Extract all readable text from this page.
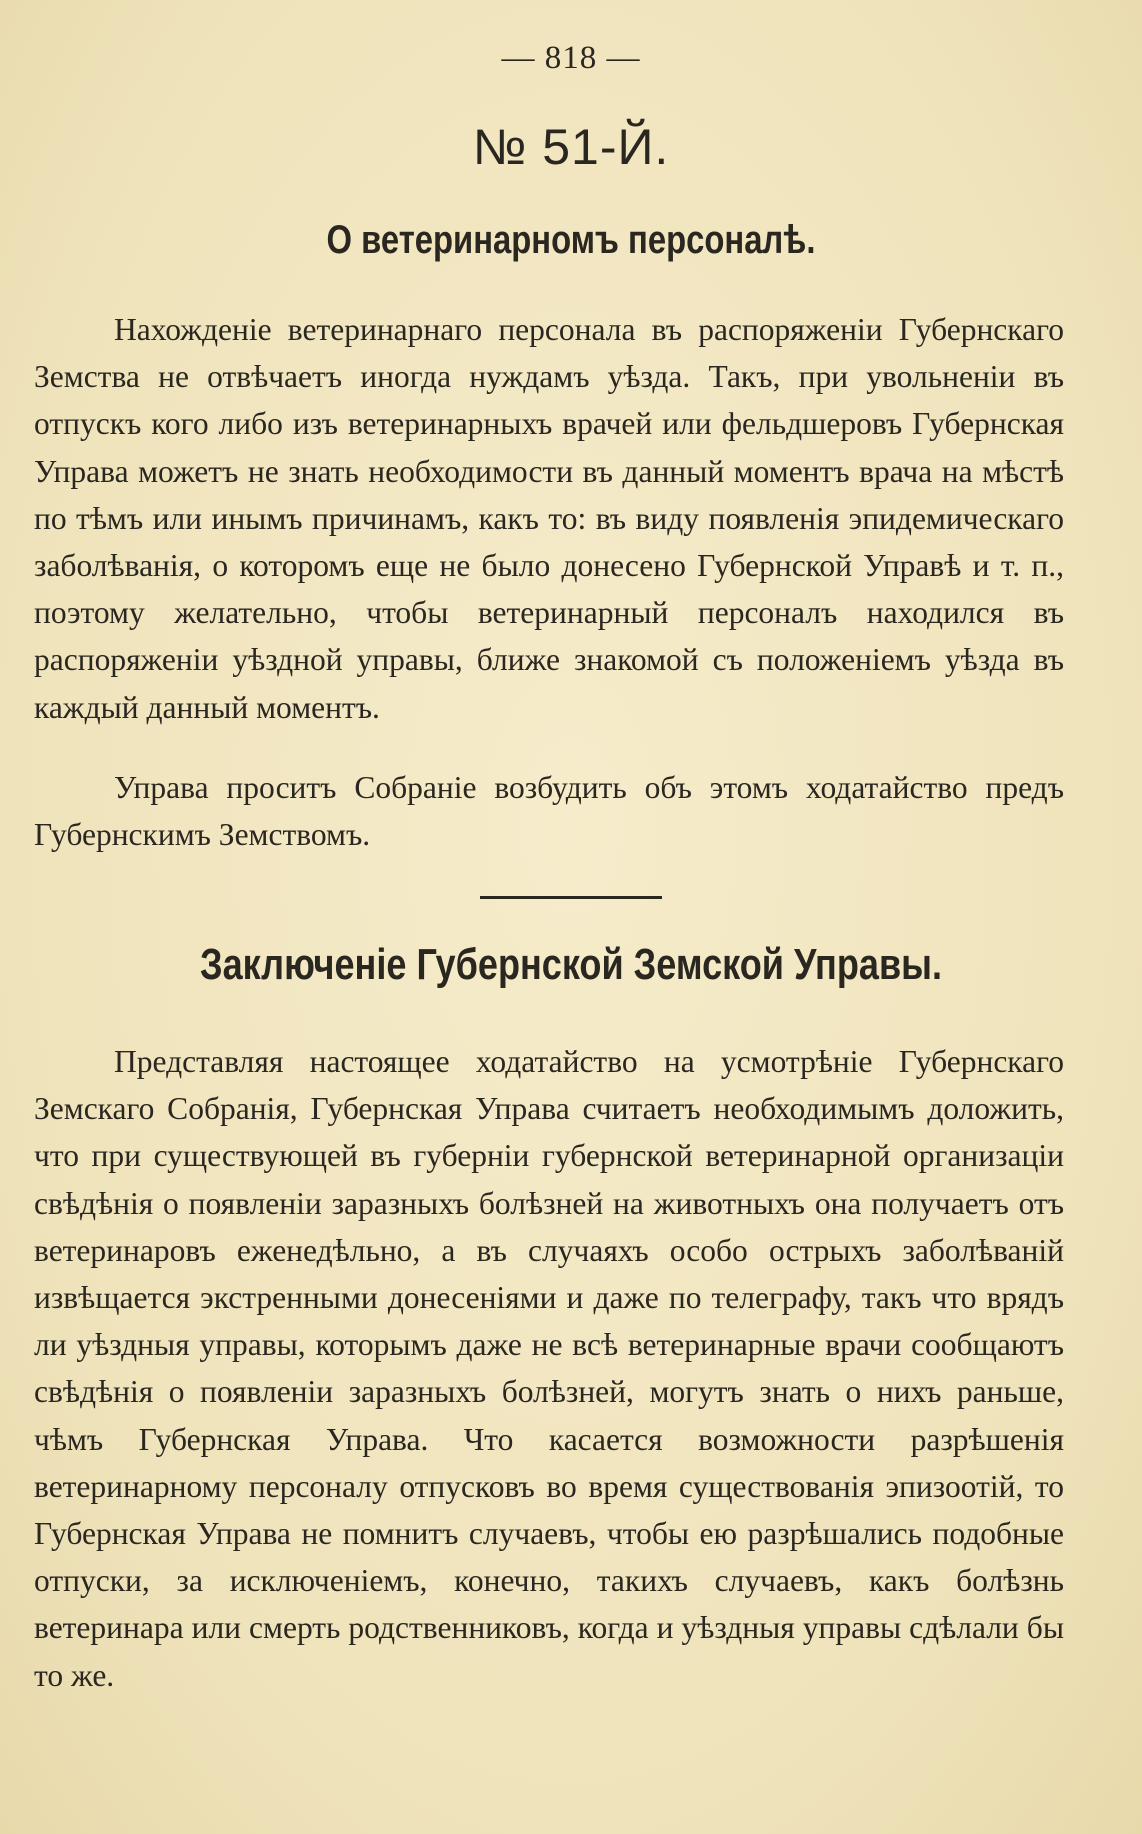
— 818 —
№ 51-Й.
О ветеринарномъ персоналѣ.

Нахожденіе ветеринарнаго персонала въ распоряженіи Губернскаго Земства не отвѣчаетъ иногда нуждамъ уѣзда. Такъ, при увольненіи въ отпускъ кого либо изъ ветеринарныхъ врачей или фельдшеровъ Губернская Управа можетъ не знать необходимости въ данный моментъ врача на мѣстѣ по тѣмъ или инымъ причинамъ, какъ то: въ виду появленія эпидемическаго заболѣванія, о которомъ еще не было донесено Губернской Управѣ и т. п., поэтому желательно, чтобы ветеринарный персоналъ находился въ распоряженіи уѣздной управы, ближе знакомой съ положеніемъ уѣзда въ каждый данный моментъ.

Управа проситъ Собраніе возбудить объ этомъ ходатайство предъ Губернскимъ Земствомъ.

Заключеніе Губернской Земской Управы.

Представляя настоящее ходатайство на усмотрѣніе Губернскаго Земскаго Собранія, Губернская Управа считаетъ необходимымъ доложить, что при существующей въ губерніи губернской ветеринарной организаціи свѣдѣнія о появленіи заразныхъ болѣзней на животныхъ она получаетъ отъ ветеринаровъ еженедѣльно, а въ случаяхъ особо острыхъ заболѣваній извѣщается экстренными донесеніями и даже по телеграфу, такъ что врядъ ли уѣздныя управы, которымъ даже не всѣ ветеринарные врачи сообщаютъ свѣдѣнія о появленіи заразныхъ болѣзней, могутъ знать о нихъ раньше, чѣмъ Губернская Управа. Что касается возможности разрѣшенія ветеринарному персоналу отпусковъ во время существованія эпизоотій, то Губернская Управа не помнитъ случаевъ, чтобы ею разрѣшались подобные отпуски, за исключеніемъ, конечно, такихъ случаевъ, какъ болѣзнь ветеринара или смерть родственниковъ, когда и уѣздныя управы сдѣлали бы то же.
